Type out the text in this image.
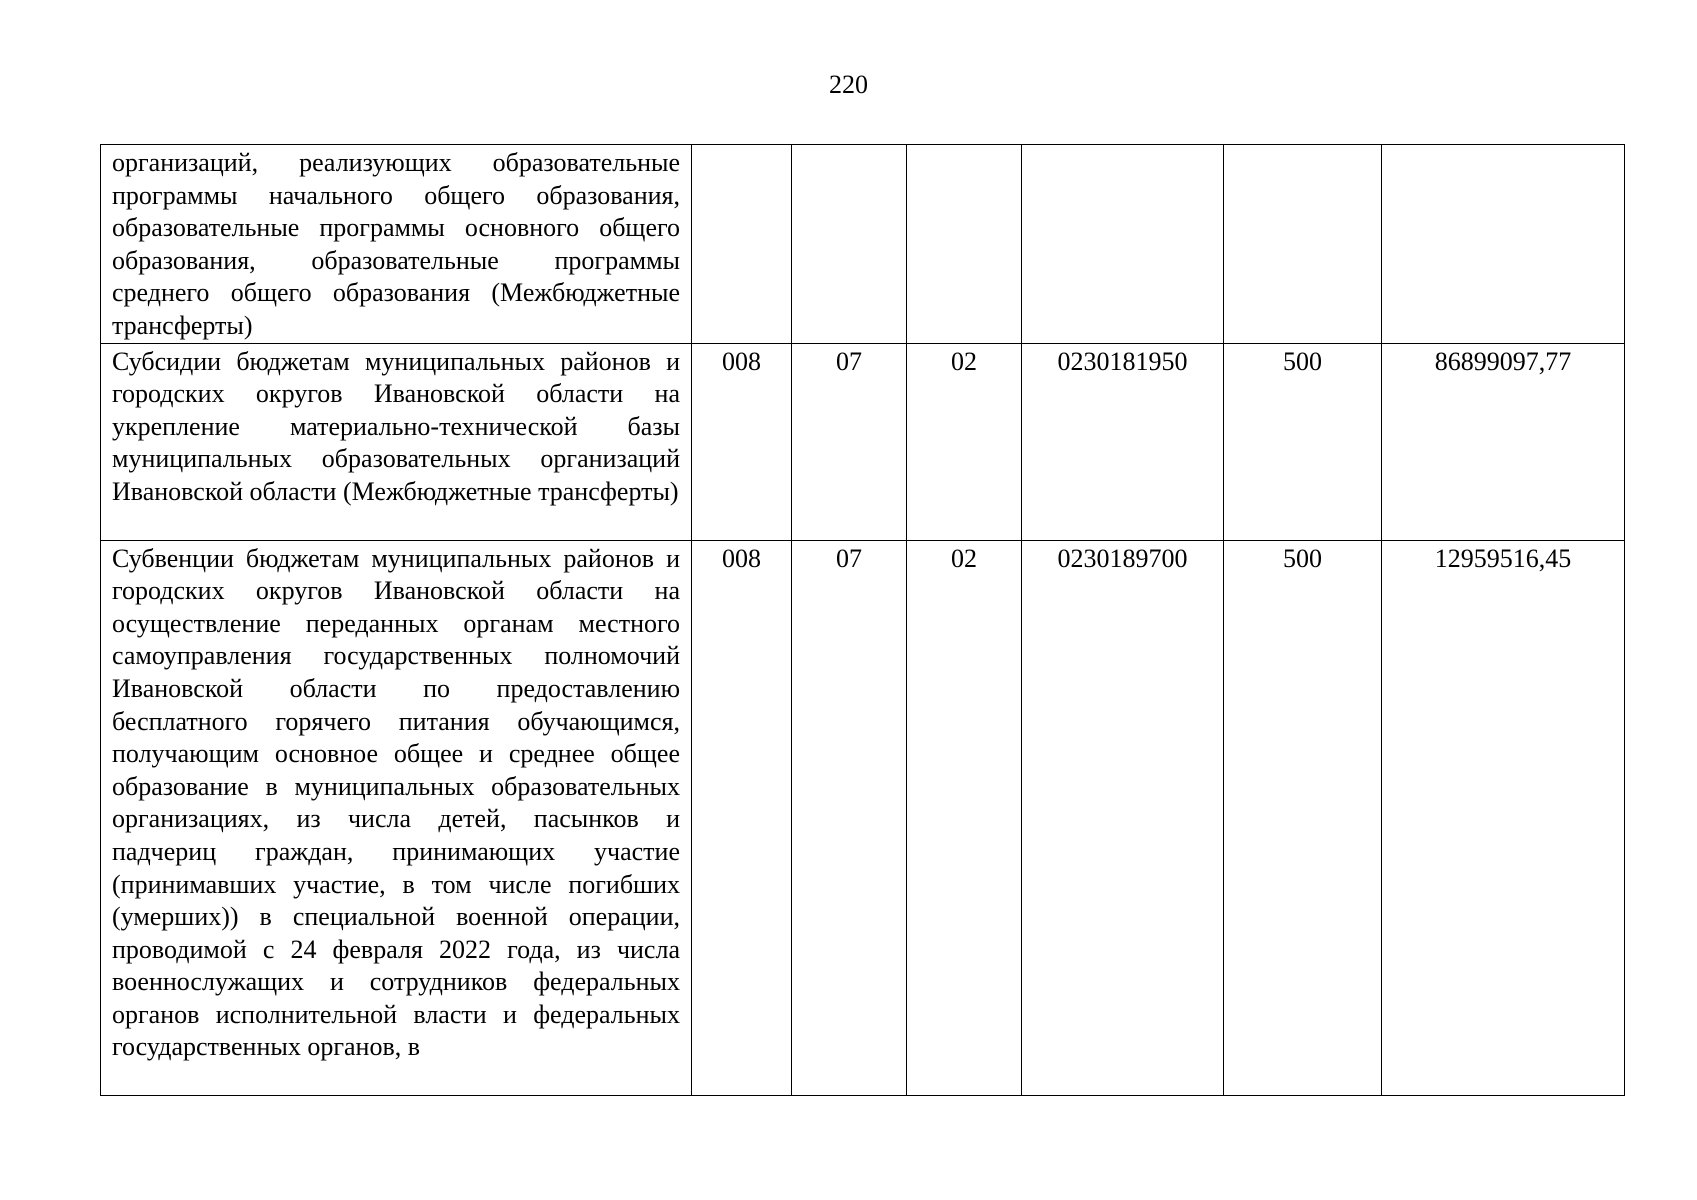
220
организаций, реализующих образовательные программы начального общего образования, образовательные программы основного общего образования, образовательные программы среднего общего образования (Межбюджетные трансферты)						
Субсидии бюджетам муниципальных районов и городских округов Ивановской области на укрепление материально-технической базы муниципальных образовательных организаций Ивановской области (Межбюджетные трансферты)	008	07	02	0230181950	500	86899097,77
Субвенции бюджетам муниципальных районов и городских округов Ивановской области на осуществление переданных органам местного самоуправления государственных полномочий Ивановской области по предоставлению бесплатного горячего питания обучающимся, получающим основное общее и среднее общее образование в муниципальных образовательных организациях, из числа детей, пасынков и падчериц граждан, принимающих участие (принимавших участие, в том числе погибших (умерших)) в специальной военной операции, проводимой с 24 февраля 2022 года, из числа военнослужащих и сотрудников федеральных органов исполнительной власти и федеральных государственных органов, в	008	07	02	0230189700	500	12959516,45
